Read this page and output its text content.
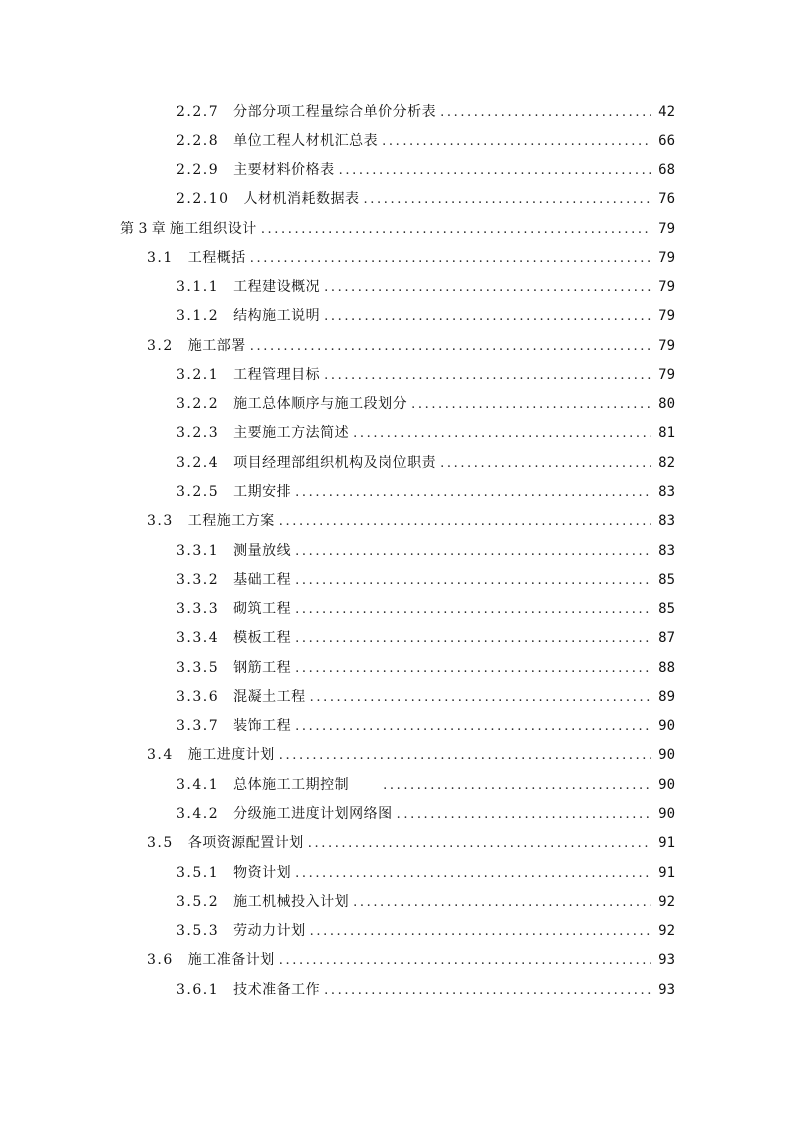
2.2.7 分部分项工程量综合单价分析表 .....	42
2.2.8 单位工程人材机汇总表 .....	66
2.2.9 主要材料价格表 .....	68
2.2.10 人材机消耗数据表 .....	76
第 3 章 施工组织设计 .....	79
3.1 工程概括 .....	79
3.1.1 工程建设概况 .....	79
3.1.2 结构施工说明 .....	79
3.2 施工部署 .....	79
3.2.1 工程管理目标 .....	79
3.2.2 施工总体顺序与施工段划分 .....	80
3.2.3 主要施工方法简述 .....	81
3.2.4 项目经理部组织机构及岗位职责 .....	82
3.2.5 工期安排 .....	83
3.3 工程施工方案 .....	83
3.3.1 测量放线 .....	83
3.3.2 基础工程 .....	85
3.3.3 砌筑工程 .....	85
3.3.4 模板工程 .....	87
3.3.5 钢筋工程 .....	88
3.3.6 混凝土工程 .....	89
3.3.7 装饰工程 .....	90
3.4 施工进度计划 .....	90
3.4.1 总体施工工期控制 .....	90
3.4.2 分级施工进度计划网络图 .....	90
3.5 各项资源配置计划 .....	91
3.5.1 物资计划 .....	91
3.5.2 施工机械投入计划 .....	92
3.5.3 劳动力计划 .....	92
3.6 施工准备计划 .....	93
3.6.1 技术准备工作 .....	93
